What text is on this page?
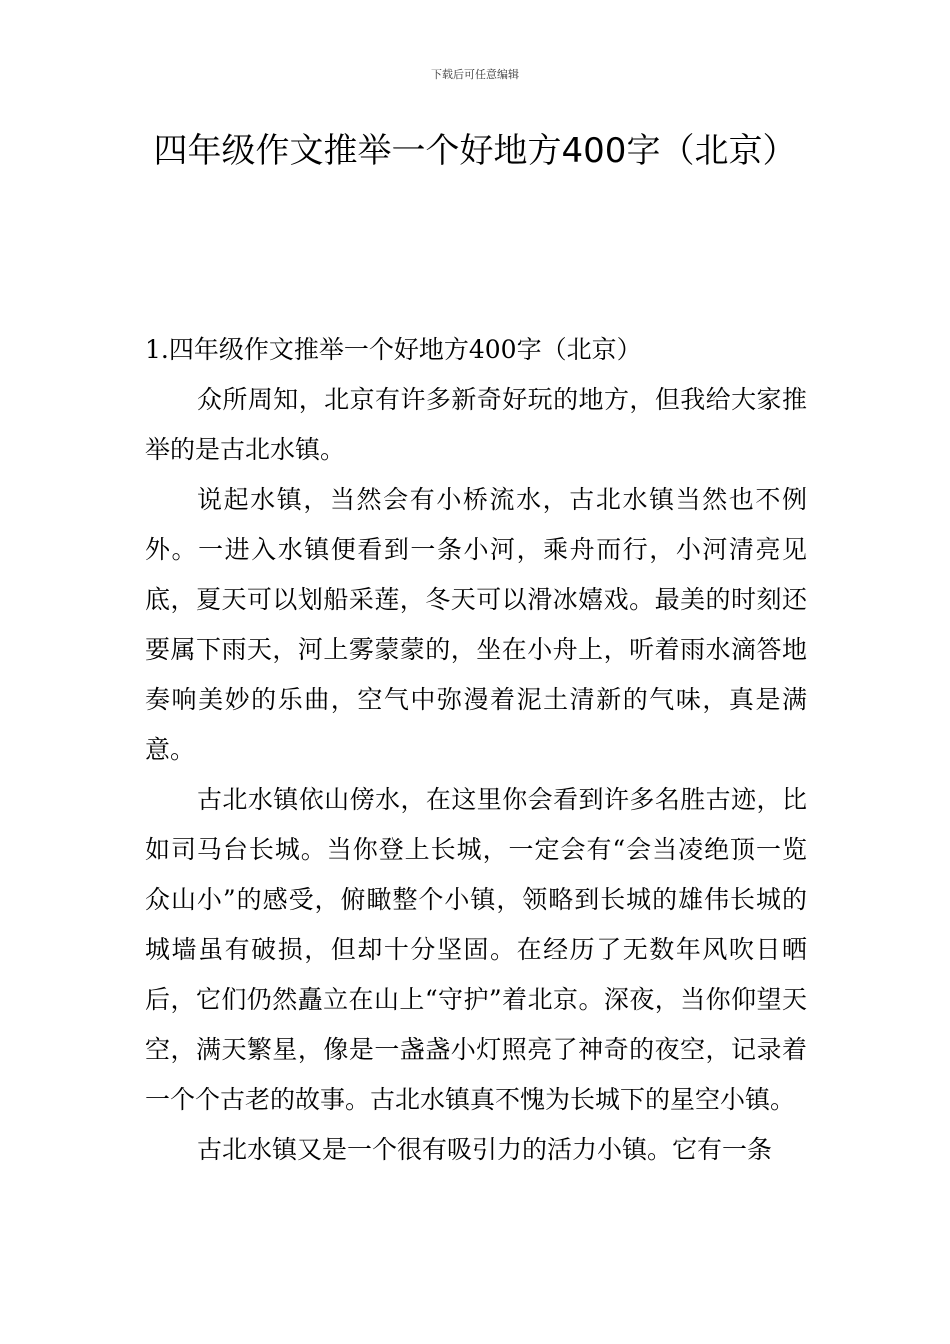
下载后可任意编辑
四年级作文推举一个好地方400字（北京）

1.四年级作文推举一个好地方400字（北京）

众所周知，北京有许多新奇好玩的地方，但我给大家推举的是古北水镇。

说起水镇，当然会有小桥流水，古北水镇当然也不例外。一进入水镇便看到一条小河，乘舟而行，小河清亮见底，夏天可以划船采莲，冬天可以滑冰嬉戏。最美的时刻还要属下雨天，河上雾蒙蒙的，坐在小舟上，听着雨水滴答地奏响美妙的乐曲，空气中弥漫着泥土清新的气味，真是满意。

古北水镇依山傍水，在这里你会看到许多名胜古迹，比如司马台长城。当你登上长城，一定会有“会当凌绝顶一览众山小”的感受，俯瞰整个小镇，领略到长城的雄伟长城的城墙虽有破损，但却十分坚固。在经历了无数年风吹日晒后，它们仍然矗立在山上“守护”着北京。深夜，当你仰望天空，满天繁星，像是一盏盏小灯照亮了神奇的夜空，记录着一个个古老的故事。古北水镇真不愧为长城下的星空小镇。

古北水镇又是一个很有吸引力的活力小镇。它有一条
